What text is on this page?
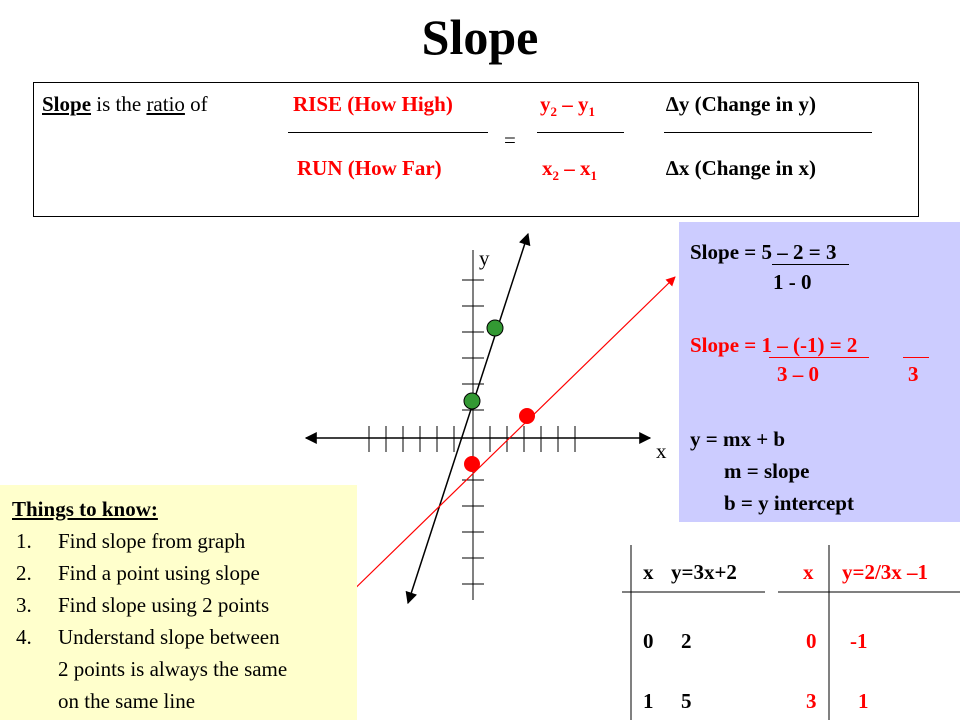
Slope
Slope is the ratio of	RISE (How High)
RUN (How Far)
=
$y_2 - y_1$
$x_2 - x_1$
∆y (Change in y)
∆x (Change in x)
y
x
Slope = 5 – 2 = 3
1 - 0
Slope = 1 – (-1) = 2
3 – 0	3
y = mx + b
m = slope
b = y intercept
Things to know:
1. Find slope from graph
2. Find a point using slope
3. Find slope using 2 points
4. Understand slope between
2 points is always the same
on the same line
x y=3x+2
0 2
1 5
x y=2/3x –1
0 -1
3 1
